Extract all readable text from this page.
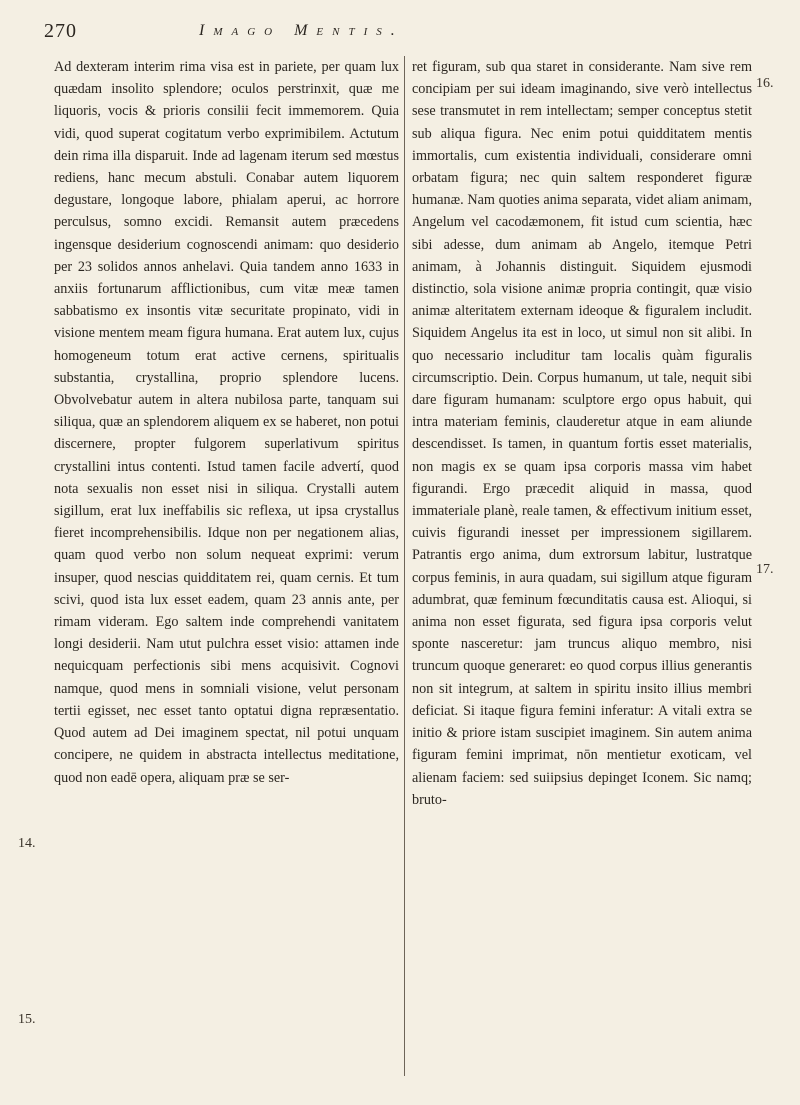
270	Imago Mentis.

Ad dexteram interim rima visa est in pariete, per quam lux quædam insolito splendore; oculos perstrinxit, quæ me liquoris, vocis & prioris consilii fecit immemorem. Quia vidi, quod superat cogitatum verbo exprimibilem. Actutum dein rima illa disparuit. Inde ad lagenam iterum sed mœstus rediens, hanc mecum abstuli. Conabar autem liquorem degustare, longoque labore, phialam aperui, ac horrore perculsus, somno excidi. Remansit autem præcedens ingensque desiderium cognoscendi animam: quo desiderio per 23 solidos annos anhelavi. Quia tandem anno 1633 in anxiis fortunarum afflictionibus, cum vitæ meæ tamen sabbatismo ex insontis vitæ securitate propinato, vidi in visione mentem meam figura humana. Erat autem lux, cujus homogeneum totum erat active cernens, spiritualis substantia, crystallina, proprio splendore lucens. Obvolvebatur autem in altera nubilosa parte, tanquam sui siliqua, quæ an splendorem aliquem ex se haberet, non potui discernere, propter fulgorem superlativum spiritus crystallini intus contenti. Istud tamen facile advertí, quod nota sexualis non esset nisi in siliqua. Crystalli autem sigillum, erat lux ineffabilis sic reflexa, ut ipsa crystallus fieret incomprehensibilis. Idque non per negationem alias, quam quod verbo non solum nequeat exprimi: verum insuper, quod nescias quidditatem rei, quam cernis. Et tum scivi, quod ista lux esset eadem, quam 23 annis ante, per rimam videram. Ego saltem inde comprehendi vanitatem longi desiderii. Nam utut pulchra esset visio: attamen inde nequicquam perfectionis sibi mens acquisivit. Cognovi namque, quod mens in somniali visione, velut personam tertii egisset, nec esset tanto optatui digna repræsentatio. Quod autem ad Dei imaginem spectat, nil potui unquam concipere, ne quidem in abstracta intellectus meditatione, quod non eadē opera, aliquam præ se ser-

ret figuram, sub qua staret in considerante. Nam sive rem concipiam per sui ideam imaginando, sive verò intellectus sese transmutet in rem intellectam; semper conceptus stetit sub aliqua figura. Nec enim potui quidditatem mentis immortalis, cum existentia individuali, considerare omni orbatam figura; nec quin saltem responderet figuræ humanæ. Nam quoties anima separata, videt aliam animam, Angelum vel cacodæmonem, fit istud cum scientia, hæc sibi adesse, dum animam ab Angelo, itemque Petri animam, à Johannis distinguit. Siquidem ejusmodi distinctio, sola visione animæ propria contingit, quæ visio animæ alteritatem externam ideoque & figuralem includit. Siquidem Angelus ita est in loco, ut simul non sit alibi. In quo necessario includitur tam localis quàm figuralis circumscriptio. Dein. Corpus humanum, ut tale, nequit sibi dare figuram humanam: sculptore ergo opus habuit, qui intra materiam feminis, clauderetur atque in eam aliunde descendisset. Is tamen, in quantum fortis esset materialis, non magis ex se quam ipsa corporis massa vim habet figurandi. Ergo præcedit aliquid in massa, quod immateriale planè, reale tamen, & effectivum initium esset, cuivis figurandi inesset per impressionem sigillarem. Patrantis ergo anima, dum extrorsum labitur, lustratque corpus feminis, in aura quadam, sui sigillum atque figuram adumbrat, quæ feminum fœcunditatis causa est. Alioqui, si anima non esset figurata, sed figura ipsa corporis velut sponte nasceretur: jam truncus aliquo membro, nisi truncum quoque generaret: eo quod corpus illius generantis non sit integrum, at saltem in spiritu insito illius membri deficiat. Si itaque figura femini inferatur: A vitali extra se initio & priore istam suscipiet imaginem. Sin autem anima figuram femini imprimat, nōn mentietur exoticam, vel alienam faciem: sed suiipsius depinget Iconem. Sic namq; bruto-

14.
15.
16.
17.
